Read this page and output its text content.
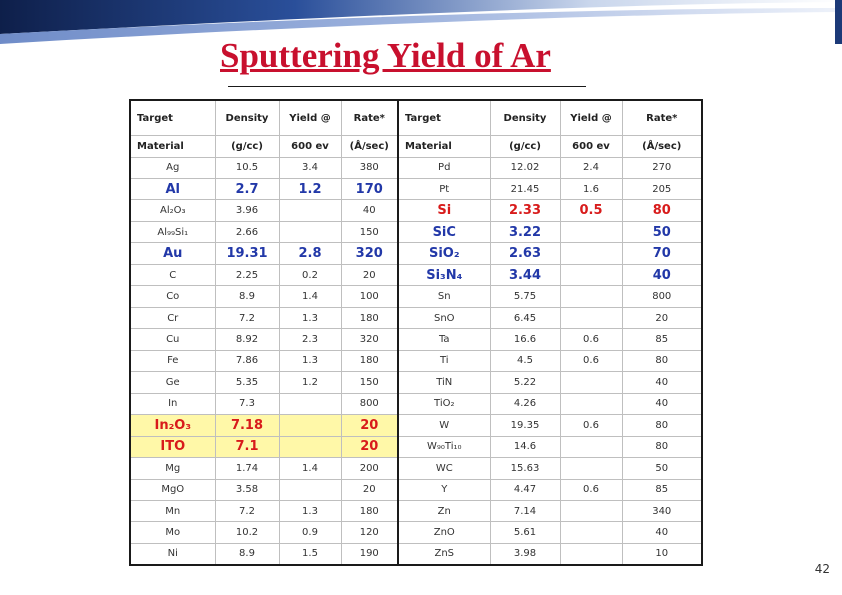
Sputtering Yield of Ar
Target	Density	Yield @	Rate*	Target	Density	Yield @	Rate*
Material	(g/cc)	600 ev	(Å/sec)	Material	(g/cc)	600 ev	(Å/sec)
Ag	10.5	3.4	380	Pd	12.02	2.4	270
Al	2.7	1.2	170	Pt	21.45	1.6	205
Al₂O₃	3.96		40	Si	2.33	0.5	80
Al₉₉Si₁	2.66		150	SiC	3.22		50
Au	19.31	2.8	320	SiO₂	2.63		70
C	2.25	0.2	20	Si₃N₄	3.44		40
Co	8.9	1.4	100	Sn	5.75		800
Cr	7.2	1.3	180	SnO	6.45		20
Cu	8.92	2.3	320	Ta	16.6	0.6	85
Fe	7.86	1.3	180	Ti	4.5	0.6	80
Ge	5.35	1.2	150	TiN	5.22		40
In	7.3		800	TiO₂	4.26		40
In₂O₃	7.18		20	W	19.35	0.6	80
ITO	7.1		20	W₉₀Ti₁₀	14.6		80
Mg	1.74	1.4	200	WC	15.63		50
MgO	3.58		20	Y	4.47	0.6	85
Mn	7.2	1.3	180	Zn	7.14		340
Mo	10.2	0.9	120	ZnO	5.61		40
Ni	8.9	1.5	190	ZnS	3.98		10
42
